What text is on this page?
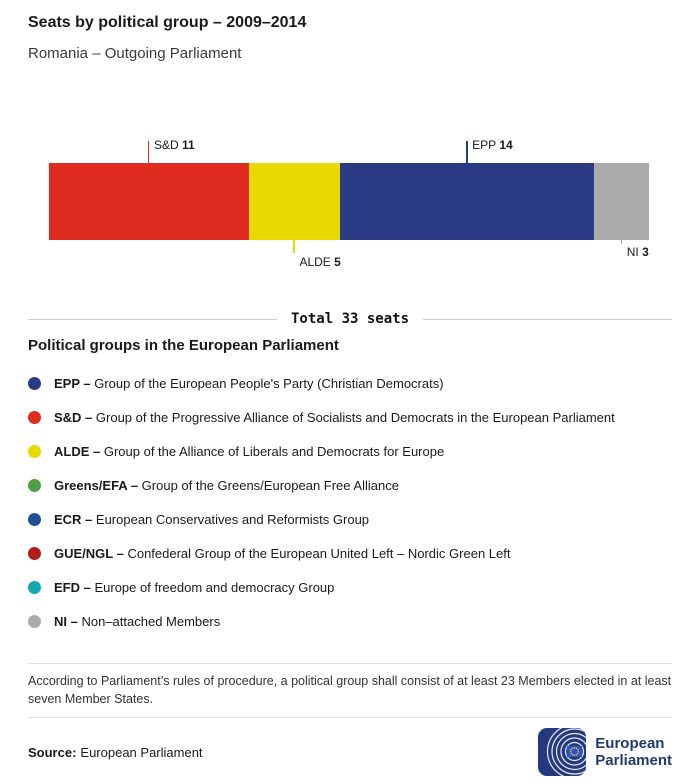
Seats by political group – 2009–2014
Romania – Outgoing Parliament
S&D 11
ALDE 5
EPP 14
NI 3
Total 33 seats
Political groups in the European Parliament
EPP – Group of the European People's Party (Christian Democrats)
S&D – Group of the Progressive Alliance of Socialists and Democrats in the European Parliament
ALDE – Group of the Alliance of Liberals and Democrats for Europe
Greens/EFA – Group of the Greens/European Free Alliance
ECR – European Conservatives and Reformists Group
GUE/NGL – Confederal Group of the European United Left – Nordic Green Left
EFD – Europe of freedom and democracy Group
NI – Non–attached Members
According to Parliament’s rules of procedure, a political group shall consist of at least 23 Members elected in at least seven Member States.
Source: European Parliament
European
Parliament
